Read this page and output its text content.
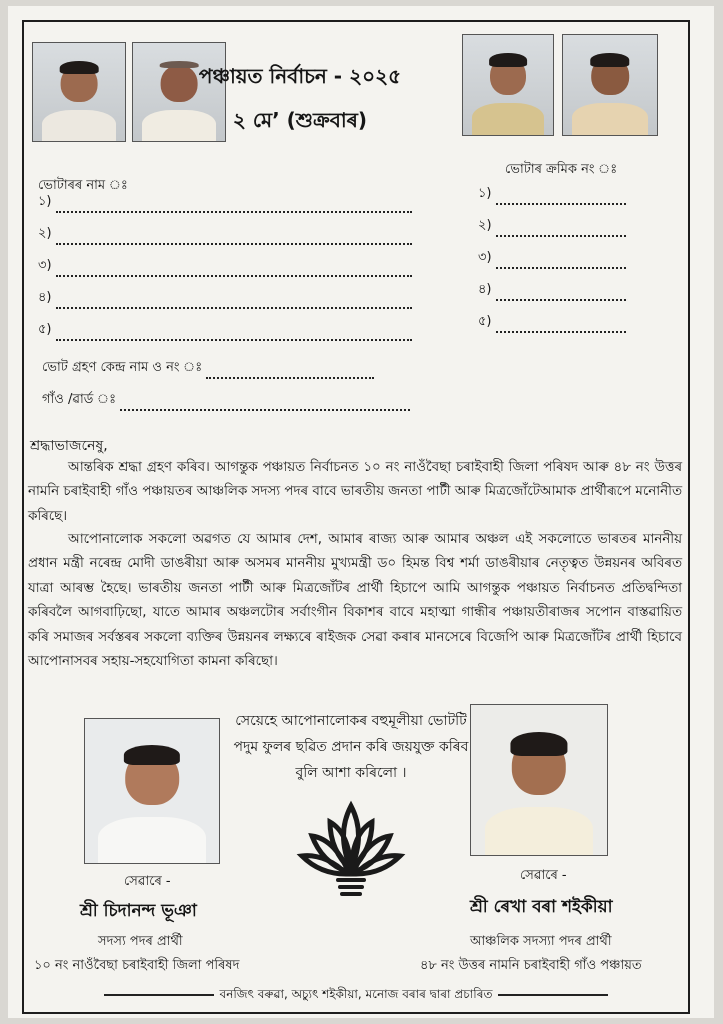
পঞ্চায়ত নিৰ্বাচন - ২০২৫
২ মে’ (শুক্ৰবাৰ)
ভোটাৰৰ নাম ঃ
ভোটাৰ ক্ৰমিক নং ঃ
১)
২)
৩)
৪)
৫)
১)
২)
৩)
৪)
৫)
ভোট গ্ৰহণ কেন্দ্ৰ নাম ও নং ঃ
গাঁও /ৱাৰ্ড ঃ
শ্ৰদ্ধাভাজনেষু,

আন্তৰিক শ্ৰদ্ধা গ্ৰহণ কৰিব। আগন্তুক পঞ্চায়ত নিৰ্বাচনত ১০ নং নাওঁবৈছা চৰাইবাহী জিলা পৰিষদ আৰু ৪৮ নং উত্তৰ নামনি চৰাইবাহী গাঁও পঞ্চায়তৰ আঞ্চলিক সদস্য পদৰ বাবে ভাৰতীয় জনতা পাৰ্টী আৰু মিত্ৰজোঁটেআমাক প্ৰাৰ্থীৰূপে মনোনীত কৰিছে।

আপোনালোক সকলো অৱগত যে আমাৰ দেশ, আমাৰ ৰাজ্য আৰু আমাৰ অঞ্চল এই সকলোতে ভাৰতৰ মাননীয় প্ৰধান মন্ত্ৰী নৰেন্দ্ৰ মোদী ডাঙৰীয়া আৰু অসমৰ মাননীয় মুখ্যমন্ত্ৰী ড০ হিমন্ত বিশ্ব শৰ্মা ডাঙৰীয়াৰ নেতৃত্বত উন্নয়নৰ অবিৰত যাত্ৰা আৰম্ভ হৈছে। ভাৰতীয় জনতা পাৰ্টী আৰু মিত্ৰজোঁটৰ প্ৰাৰ্থী হিচাপে আমি আগন্তুক পঞ্চায়ত নিৰ্বাচনত প্ৰতিদ্বন্দিতা কৰিবলৈ আগবাঢ়িছো, যাতে আমাৰ অঞ্চলটোৰ সৰ্বাংগীন বিকাশৰ বাবে মহাত্মা গান্ধীৰ পঞ্চায়তীৰাজৰ সপোন বাস্তৱায়িত কৰি সমাজৰ সৰ্বস্তৰৰ সকলো ব্যক্তিৰ উন্নয়নৰ লক্ষ্যৰে ৰাইজক সেৱা কৰাৰ মানসেৰে বিজেপি আৰু মিত্ৰজোঁটৰ প্ৰাৰ্থী হিচাবে আপোনাসবৰ সহায়-সহযোগিতা কামনা কৰিছো।

সেয়েহে আপোনালোকৰ বহুমূলীয়া ভোটটি পদুম ফুলৰ ছৱিত প্ৰদান কৰি জয়যুক্ত কৰিব বুলি আশা কৰিলো ।
সেৱাৰে -
শ্ৰী চিদানন্দ ভূঞা
সদস্য পদৰ প্ৰাৰ্থী
১০ নং নাওঁবৈছা চৰাইবাহী জিলা পৰিষদ
সেৱাৰে -
শ্ৰী ৰেখা বৰা শইকীয়া
আঞ্চলিক সদস্যা পদৰ প্ৰাৰ্থী
৪৮ নং উত্তৰ নামনি চৰাইবাহী গাঁও পঞ্চায়ত
বনজিৎ বৰুৱা, অচ্যুৎ শইকীয়া, মনোজ বৰাৰ দ্বাৰা প্ৰচাৰিত
